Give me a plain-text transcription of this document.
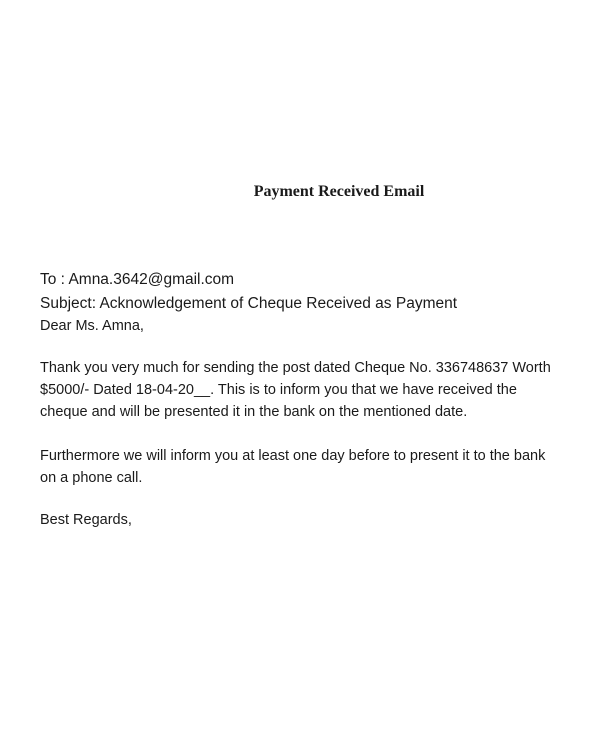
Payment Received Email
To : Amna.3642@gmail.com
Subject: Acknowledgement of Cheque Received as Payment
Dear Ms. Amna,
Thank you very much for sending the post dated Cheque No. 336748637 Worth
$5000/- Dated 18-04-20__. This is to inform you that we have received the
cheque and will be presented it in the bank on the mentioned date.
Furthermore we will inform you at least one day before to present it to the bank
on a phone call.
Best Regards,
